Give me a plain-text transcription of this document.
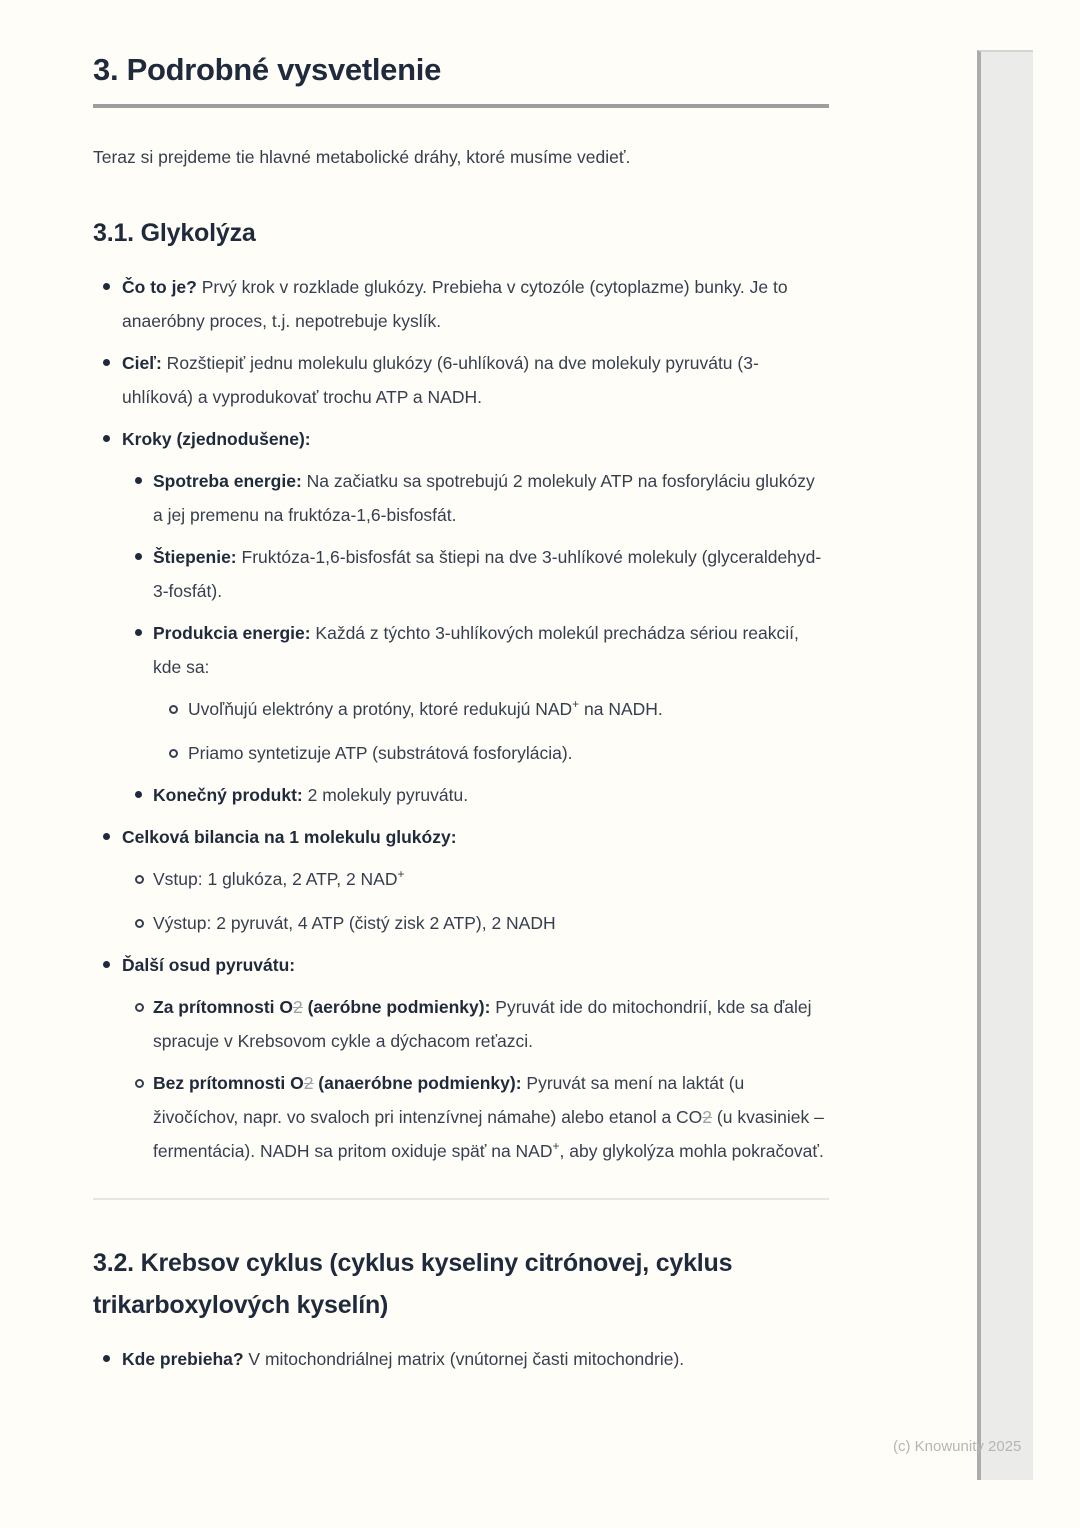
3. Podrobné vysvetlenie

Teraz si prejdeme tie hlavné metabolické dráhy, ktoré musíme vedieť.

3.1. Glykolýza
Čo to je? Prvý krok v rozklade glukózy. Prebieha v cytozóle (cytoplazme) bunky. Je to anaeróbny proces, t.j. nepotrebuje kyslík.
Cieľ: Rozštiepiť jednu molekulu glukózy (6-uhlíková) na dve molekuly pyruvátu (3-uhlíková) a vyprodukovať trochu ATP a NADH.
Kroky (zjednodušene):
Spotreba energie: Na začiatku sa spotrebujú 2 molekuly ATP na fosforyláciu glukózy a jej premenu na fruktóza-1,6-bisfosfát.
Štiepenie: Fruktóza-1,6-bisfosfát sa štiepi na dve 3-uhlíkové molekuly (glyceraldehyd-3-fosfát).
Produkcia energie: Každá z týchto 3-uhlíkových molekúl prechádza sériou reakcií, kde sa:
Uvoľňujú elektróny a protóny, ktoré redukujú NAD+ na NADH.
Priamo syntetizuje ATP (substrátová fosforylácia).
Konečný produkt: 2 molekuly pyruvátu.
Celková bilancia na 1 molekulu glukózy:
Vstup: 1 glukóza, 2 ATP, 2 NAD+
Výstup: 2 pyruvát, 4 ATP (čistý zisk 2 ATP), 2 NADH
Ďalší osud pyruvátu:
Za prítomnosti O2 (aeróbne podmienky): Pyruvát ide do mitochondrií, kde sa ďalej spracuje v Krebsovom cykle a dýchacom reťazci.
Bez prítomnosti O2 (anaeróbne podmienky): Pyruvát sa mení na laktát (u živočíchov, napr. vo svaloch pri intenzívnej námahe) alebo etanol a CO2 (u kvasiniek – fermentácia). NADH sa pritom oxiduje späť na NAD+, aby glykolýza mohla pokračovať.
3.2. Krebsov cyklus (cyklus kyseliny citrónovej, cyklus trikarboxylových kyselín)
Kde prebieha? V mitochondriálnej matrix (vnútornej časti mitochondrie).
(c) Knowunity 2025
